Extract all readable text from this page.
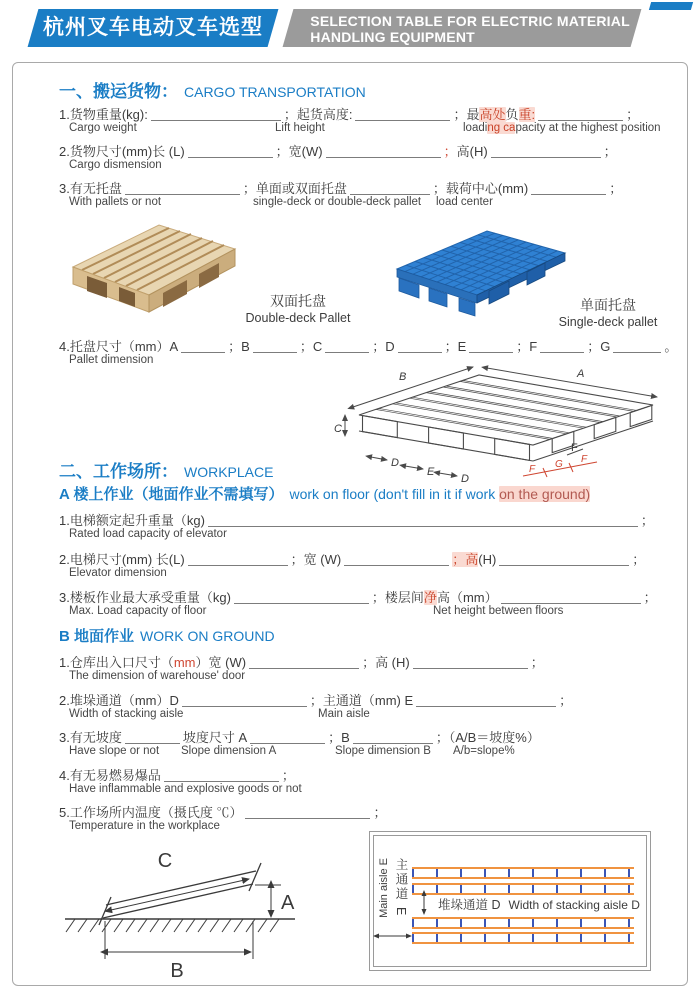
杭州叉车电动叉车选型	SELECTION TABLE FOR ELECTRIC MATERIAL
HANDLING EQUIPMENT
一、搬运货物： CARGO TRANSPORTATION
1.货物重量(kg):	；起货高度:	；最高处负重:	；
Cargo weight	Lift height	loading capacity at the highest position
2.货物尺寸(mm)长 (L)	；宽(W)	；高(H)	；
Cargo dismension
3.有无托盘	；单面或双面托盘	；载荷中心(mm)	；
With pallets or not	single-deck or double-deck pallet load center
双面托盘
Double-deck Pallet
单面托盘
Single-deck pallet
4.托盘尺寸（mm）A	；B	；C	；D	；E	；F	；G	。
Pallet dimension
B	A
C
D
E
D
F
F G F
二、工作场所： WORKPLACE
A 楼上作业（地面作业不需填写） work on floor (don't fill in it if work on the ground)
1.电梯额定起升重量（kg)	；
Rated load capacity of elevator
2.电梯尺寸(mm) 长(L)	；宽 (W)	；高(H)	；
Elevator dimension
3.楼板作业最大承受重量（kg)	；楼层间净高（mm）	；
Max. Load capacity of floor	Net height between floors
B 地面作业 WORK ON GROUND
1.仓库出入口尺寸（mm）宽 (W)	；高 (H)	；
The dimension of warehouse' door
2.堆垛通道（mm）D	；主通道（mm) E	；
Width of stacking aisle	Main aisle
3.有无坡度	坡度尺寸 A	；B	；（A/B＝坡度%）
Have slope or not Slope dimension A	Slope dimension B A/b=slope%
4.有无易燃易爆品	；
Have inflammable and explosive goods or not
5.工作场所内温度（摄氏度 ℃）	；
Temperature in the workplace
C
A
B
主通道 E
Main aisle E	堆垛通道 D Width of stacking aisle D
